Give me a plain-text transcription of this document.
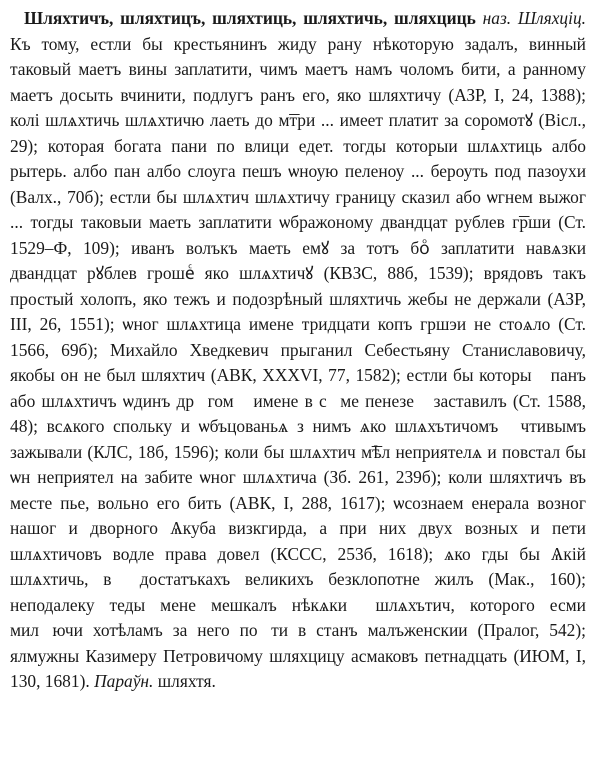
Шляхтичъ, шляхтицъ, шляхтиць, шляхтичь, шляхциць наз. Шляхціц. Къ тому, естли бы крестьянинъ жиду рану нѣкоторую задалъ, винный таковый маетъ вины заплатити, чимъ маетъ намъ чоломъ бити, а ранному маетъ досыть вчинити, подлугъ ранъ его, яко шляхтичу (АЗР, I, 24, 1388); колі шлѧхтичь шлѧхтичю лаеть до м͞три ... имеет платит за соромотꙋ (Вісл., 29); которая богата пани по влици едет. тогды которыи шлѧхтиць албо рытерь. албо пан албо слоуга пешъ ѡноую пеленоу ... бероуть под пазоухи (Валх., 70б); естли бы шлѧхтич шлѧхтичу границу сказил або ѡгнем выжог ... тогды таковыи маеть заплатити ѡбражоному двандцат рублев г͞рши (Ст. 1529–Ф, 109); иванъ волъкъ маеть емꙋ за тотъ боⷪ заплатити навѧзки двандцат рꙋблев грошеⷭ яко шлѧхтичꙋ (КВЗС, 88б, 1539); врядовъ такъ простый холопъ, яко тежъ и подозрѣный шляхтичь жебы не держали (АЗР, III, 26, 1551); ѡног шлѧхтица имене тридцати копъ гршэи не стоѧло (Ст. 1566, 69б); Михайло Хведкевич прыганил Себестьяну Станиславовичу, якобы он не был шляхтич (АВК, XXXVI, 77, 1582); естли бы которыⷭ панъ або шлѧхтичъ ѡдинъ дрꙋгомꙋ имене в сꙋме пенезеⷭ заставилъ (Ст. 1588, 48); всѧкого спольку и ѡбъцованьѧ з нимъ ѧко шлѧхътичомъ ꙋчтивымъ зажывали (КЛС, 18б, 1596); коли бы шлѧхтич м͞ѣл неприятелѧ и повстал бы ѡн неприятел на забите ѡног шлѧхтича (Зб. 261, 239б); коли шляхтичъ въ месте пье, вольно его бить (АВК, I, 288, 1617); ѡсознаем енерала возног нашог и дворного Ѧкуба визкгирда, а при них двух возных и пети шлѧхтичовъ водле права довел (КССС, 253б, 1618); ѧко гды бы Ѧкій шлѧхтичь, вⷭ достатъкахъ великихъ безклопотне жилъ (Мак., 160); неподалеку теды мене мешкалъ нѣкѧкиⷭ шлѧхътич, которого есми милꙋючи хотѣламъ за него поⷭти в станъ малъженскии (Пралог, 542); ялмужны Казимеру Петровичому шляхцицу асмаковъ петнадцать (ИЮМ, I, 130, 1681). Параўн. шляхтя.
